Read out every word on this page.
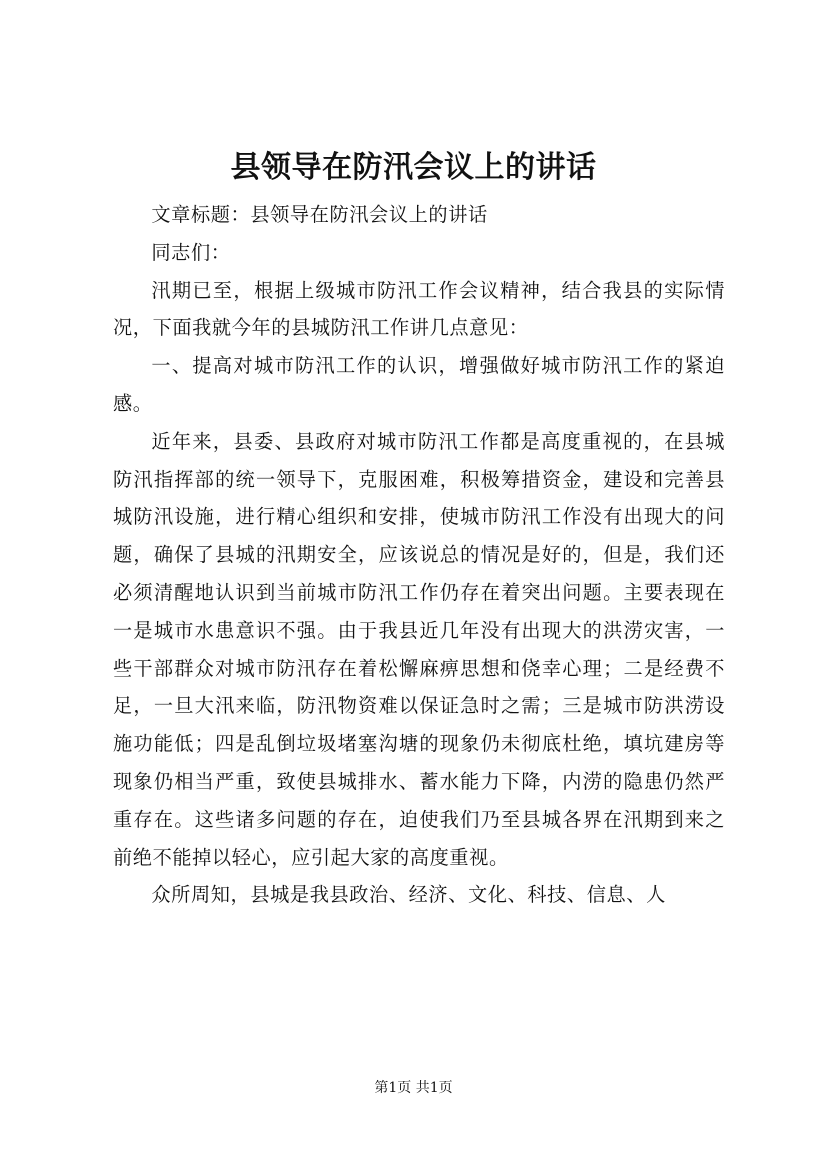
县领导在防汛会议上的讲话

文章标题：县领导在防汛会议上的讲话

同志们：

汛期已至，根据上级城市防汛工作会议精神，结合我县的实际情况，下面我就今年的县城防汛工作讲几点意见：

一、提高对城市防汛工作的认识，增强做好城市防汛工作的紧迫感。

近年来，县委、县政府对城市防汛工作都是高度重视的，在县城防汛指挥部的统一领导下，克服困难，积极筹措资金，建设和完善县城防汛设施，进行精心组织和安排，使城市防汛工作没有出现大的问题，确保了县城的汛期安全，应该说总的情况是好的，但是，我们还必须清醒地认识到当前城市防汛工作仍存在着突出问题。主要表现在一是城市水患意识不强。由于我县近几年没有出现大的洪涝灾害，一些干部群众对城市防汛存在着松懈麻痹思想和侥幸心理；二是经费不足，一旦大汛来临，防汛物资难以保证急时之需；三是城市防洪涝设施功能低；四是乱倒垃圾堵塞沟塘的现象仍未彻底杜绝，填坑建房等现象仍相当严重，致使县城排水、蓄水能力下降，内涝的隐患仍然严重存在。这些诸多问题的存在，迫使我们乃至县城各界在汛期到来之前绝不能掉以轻心，应引起大家的高度重视。

众所周知，县城是我县政治、经济、文化、科技、信息、人

第1页 共1页
